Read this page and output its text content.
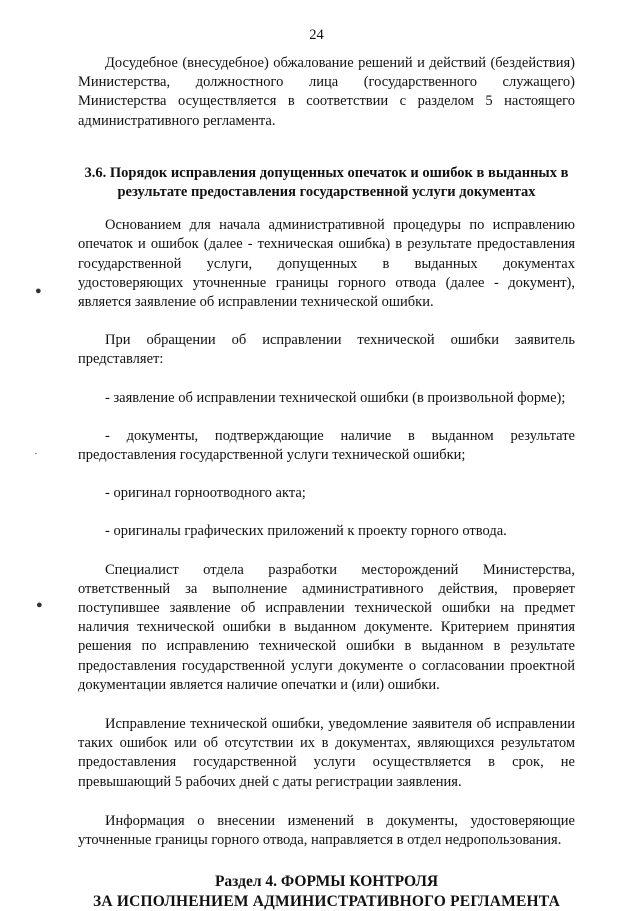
24

Досудебное (внесудебное) обжалование решений и действий (бездействия) Министерства, должностного лица (государственного служащего) Министерства осуществляется в соответствии с разделом 5 настоящего административного регламента.

3.6. Порядок исправления допущенных опечаток и ошибок в выданных в результате предоставления государственной услуги документах

Основанием для начала административной процедуры по исправлению опечаток и ошибок (далее - техническая ошибка) в результате предоставления государственной услуги, допущенных в выданных документах удостоверяющих уточненные границы горного отвода (далее - документ), является заявление об исправлении технической ошибки.

При обращении об исправлении технической ошибки заявитель представляет:

- заявление об исправлении технической ошибки (в произвольной форме);

- документы, подтверждающие наличие в выданном результате предоставления государственной услуги технической ошибки;

- оригинал горноотводного акта;

- оригиналы графических приложений к проекту горного отвода.

Специалист отдела разработки месторождений Министерства, ответственный за выполнение административного действия, проверяет поступившее заявление об исправлении технической ошибки на предмет наличия технической ошибки в выданном документе. Критерием принятия решения по исправлению технической ошибки в выданном в результате предоставления государственной услуги документе о согласовании проектной документации является наличие опечатки и (или) ошибки.

Исправление технической ошибки, уведомление заявителя об исправлении таких ошибок или об отсутствии их в документах, являющихся результатом предоставления государственной услуги осуществляется в срок, не превышающий 5 рабочих дней с даты регистрации заявления.

Информация о внесении изменений в документы, удостоверяющие уточненные границы горного отвода, направляется в отдел недропользования.

Раздел 4. ФОРМЫ КОНТРОЛЯ
ЗА ИСПОЛНЕНИЕМ АДМИНИСТРАТИВНОГО РЕГЛАМЕНТА
●
·
●
